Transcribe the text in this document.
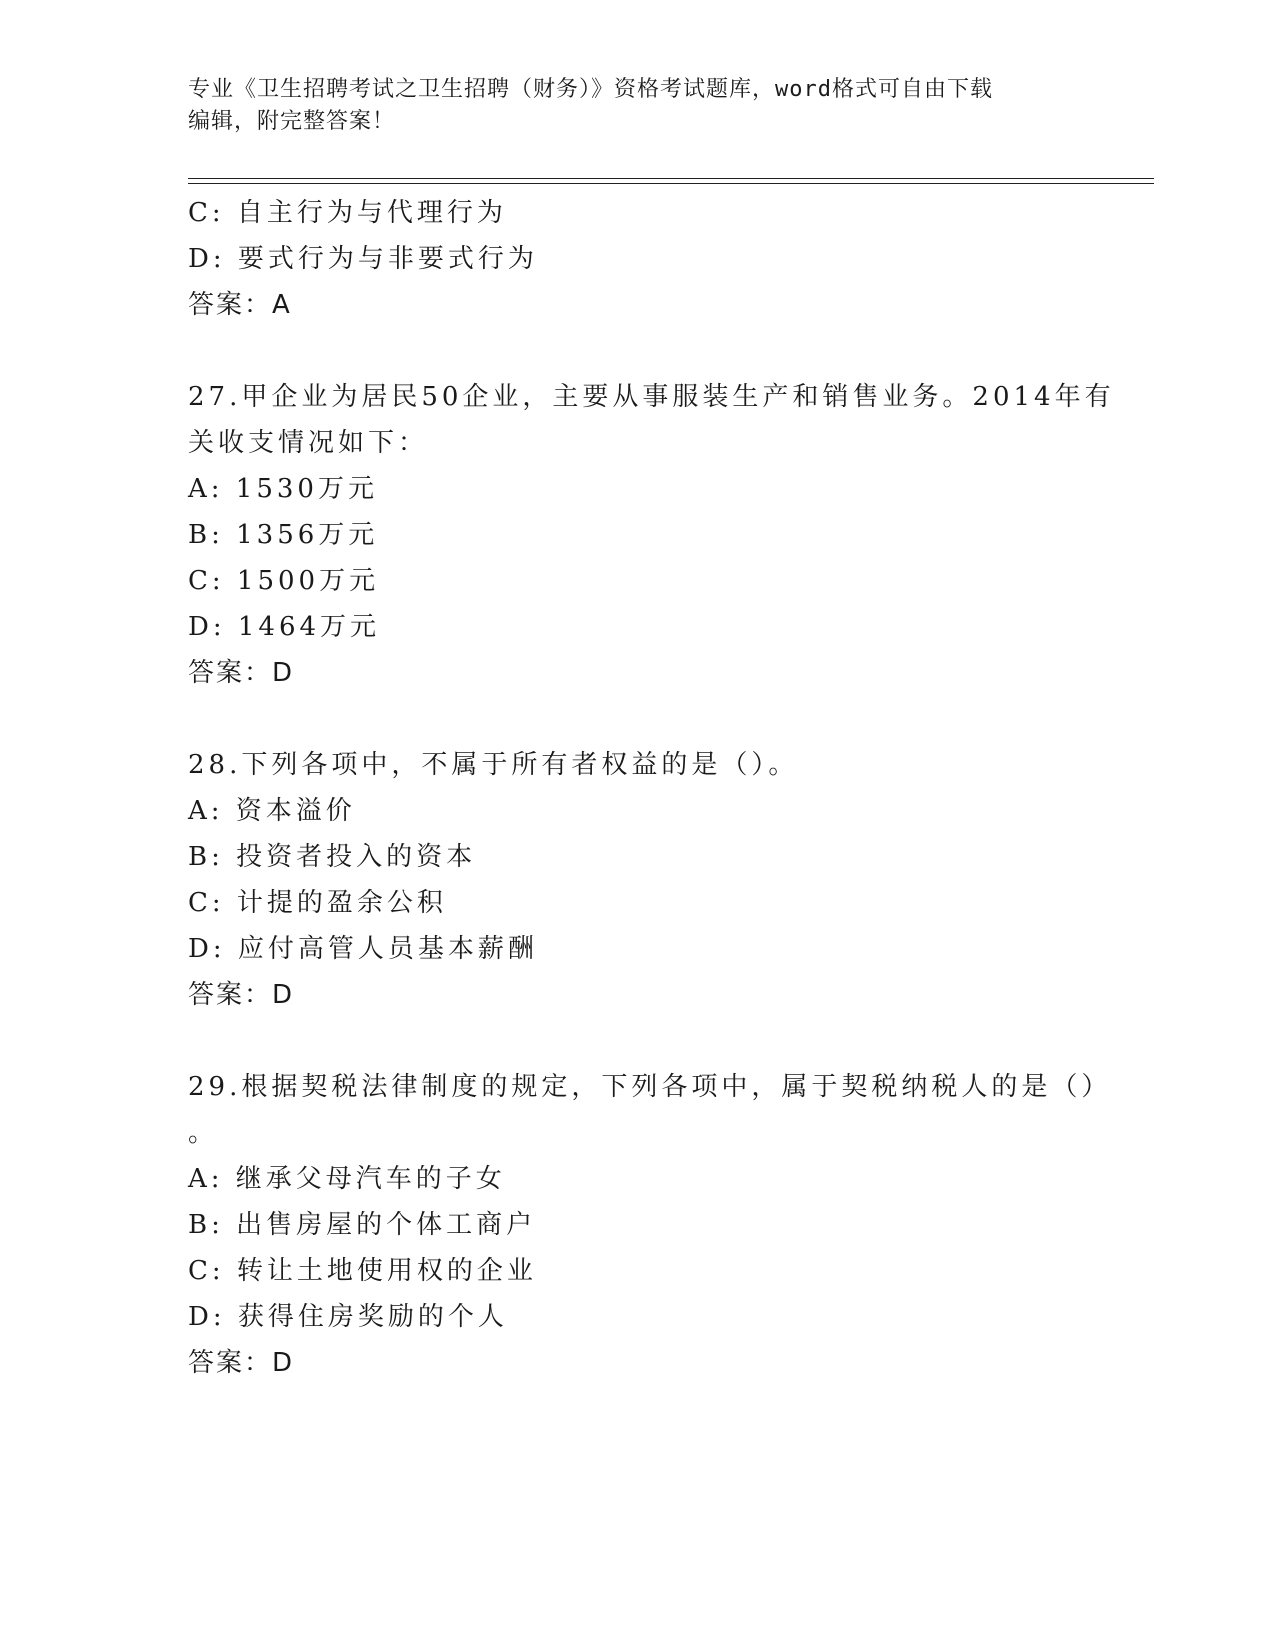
专业《卫生招聘考试之卫生招聘（财务）》资格考试题库，word格式可自由下载
编辑，附完整答案！
C: 自主行为与代理行为
D: 要式行为与非要式行为
答案：A
27.甲企业为居民50企业，主要从事服装生产和销售业务。2014年有
关收支情况如下：
A: 1530万元
B: 1356万元
C: 1500万元
D: 1464万元
答案：D
28.下列各项中，不属于所有者权益的是（）。
A: 资本溢价
B: 投资者投入的资本
C: 计提的盈余公积
D: 应付高管人员基本薪酬
答案：D
29.根据契税法律制度的规定，下列各项中，属于契税纳税人的是（）
。
A: 继承父母汽车的子女
B: 出售房屋的个体工商户
C: 转让土地使用权的企业
D: 获得住房奖励的个人
答案：D
